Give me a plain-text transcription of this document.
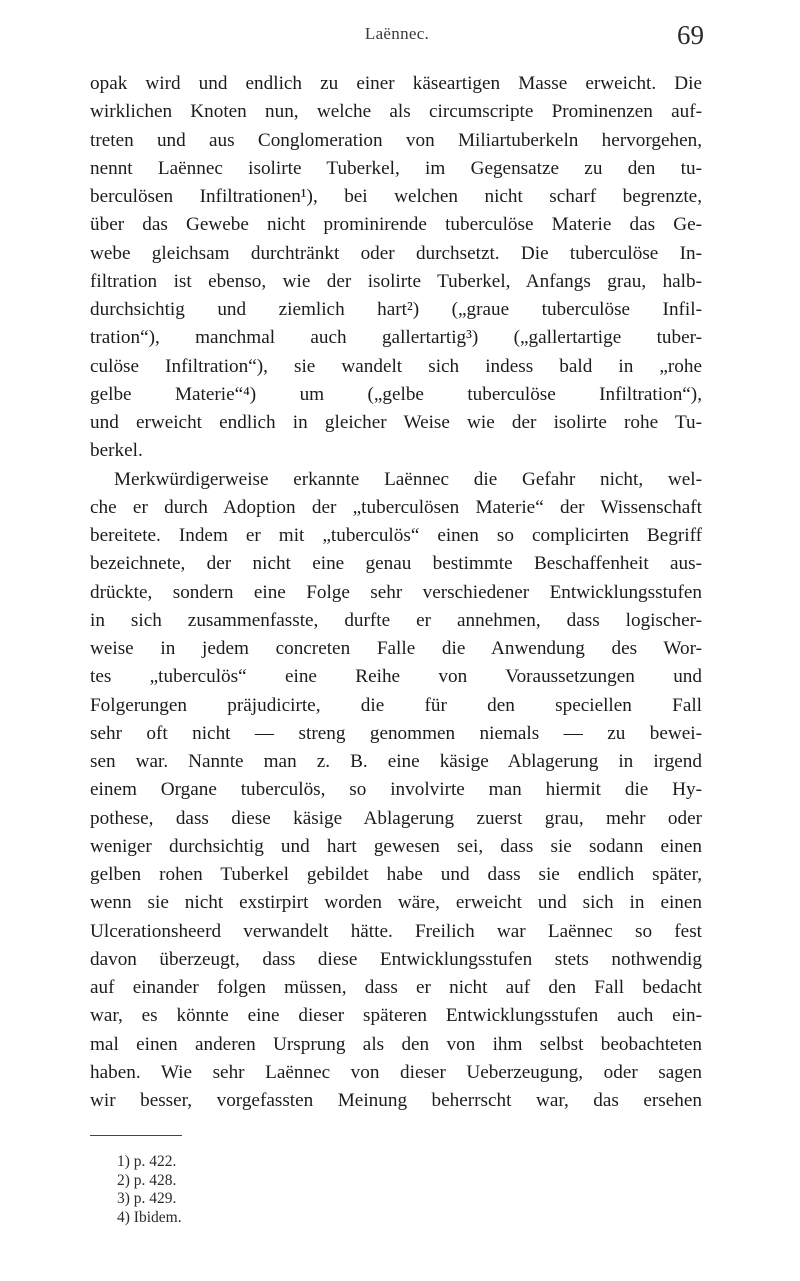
Laënnec.	69
opak wird und endlich zu einer käseartigen Masse erweicht. Die
wirklichen Knoten nun, welche als circumscripte Prominenzen auf-
treten und aus Conglomeration von Miliartuberkeln hervorgehen,
nennt Laënnec isolirte Tuberkel, im Gegensatze zu den tu-
berculösen Infiltrationen¹), bei welchen nicht scharf begrenzte,
über das Gewebe nicht prominirende tuberculöse Materie das Ge-
webe gleichsam durchtränkt oder durchsetzt. Die tuberculöse In-
filtration ist ebenso, wie der isolirte Tuberkel, Anfangs grau, halb-
durchsichtig und ziemlich hart²) („graue tuberculöse Infil-
tration“), manchmal auch gallertartig³) („gallertartige tuber-
culöse Infiltration“), sie wandelt sich indess bald in „rohe
gelbe Materie“⁴) um („gelbe tuberculöse Infiltration“),
und erweicht endlich in gleicher Weise wie der isolirte rohe Tu-
berkel.
Merkwürdigerweise erkannte Laënnec die Gefahr nicht, wel-
che er durch Adoption der „tuberculösen Materie“ der Wissenschaft
bereitete. Indem er mit „tuberculös“ einen so complicirten Begriff
bezeichnete, der nicht eine genau bestimmte Beschaffenheit aus-
drückte, sondern eine Folge sehr verschiedener Entwicklungsstufen
in sich zusammenfasste, durfte er annehmen, dass logischer-
weise in jedem concreten Falle die Anwendung des Wor-
tes „tuberculös“ eine Reihe von Voraussetzungen und
Folgerungen präjudicirte, die für den speciellen Fall
sehr oft nicht — streng genommen niemals — zu bewei-
sen war. Nannte man z. B. eine käsige Ablagerung in irgend
einem Organe tuberculös, so involvirte man hiermit die Hy-
pothese, dass diese käsige Ablagerung zuerst grau, mehr oder
weniger durchsichtig und hart gewesen sei, dass sie sodann einen
gelben rohen Tuberkel gebildet habe und dass sie endlich später,
wenn sie nicht exstirpirt worden wäre, erweicht und sich in einen
Ulcerationsheerd verwandelt hätte. Freilich war Laënnec so fest
davon überzeugt, dass diese Entwicklungsstufen stets nothwendig
auf einander folgen müssen, dass er nicht auf den Fall bedacht
war, es könnte eine dieser späteren Entwicklungsstufen auch ein-
mal einen anderen Ursprung als den von ihm selbst beobachteten
haben. Wie sehr Laënnec von dieser Ueberzeugung, oder sagen
wir besser, vorgefassten Meinung beherrscht war, das ersehen
1) p. 422.
2) p. 428.
3) p. 429.
4) Ibidem.
